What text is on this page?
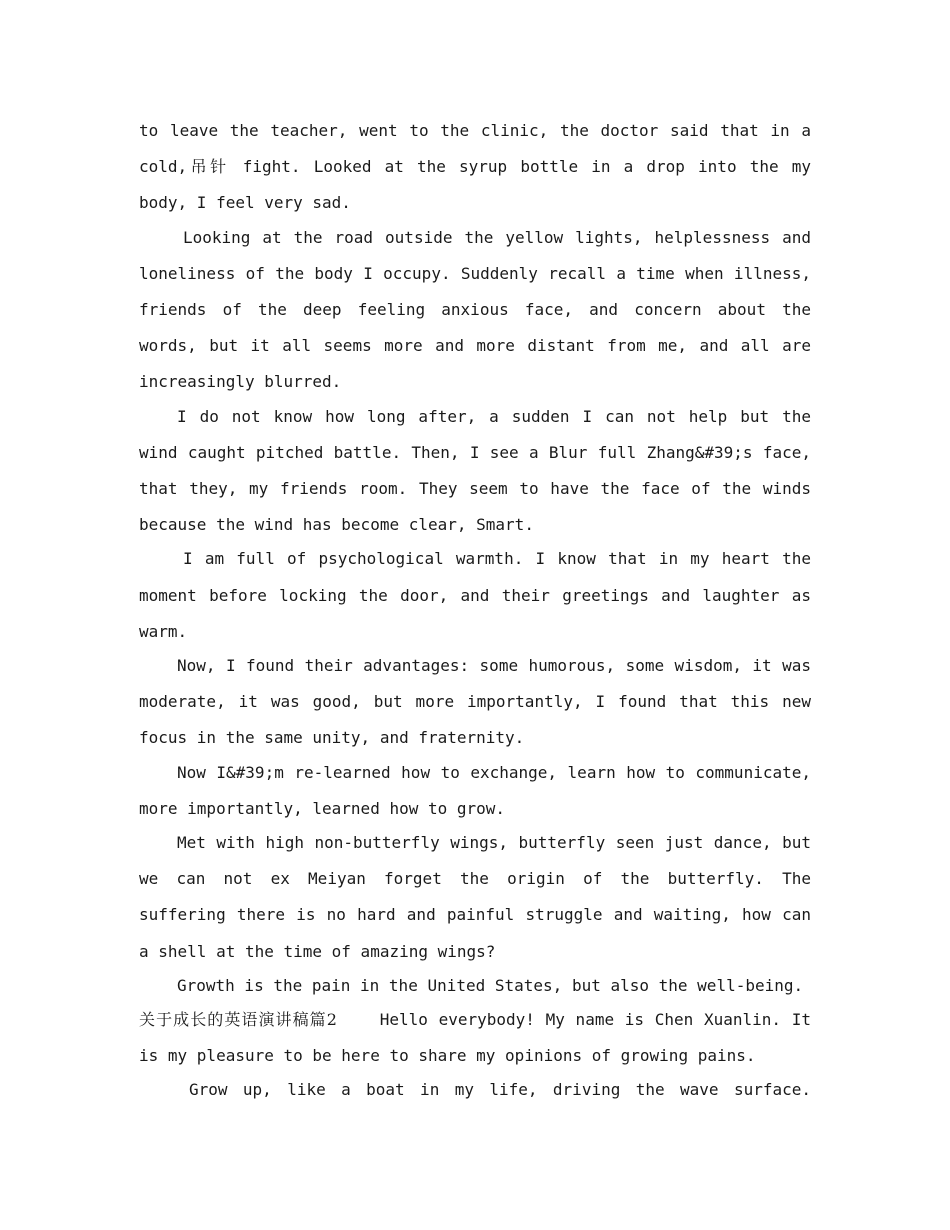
to leave the teacher, went to the clinic, the doctor said that in a cold,吊针 fight. Looked at the syrup bottle in a drop into the my body, I feel very sad.

Looking at the road outside the yellow lights, helplessness and loneliness of the body I occupy. Suddenly recall a time when illness, friends of the deep feeling anxious face, and concern about the words, but it all seems more and more distant from me, and all are increasingly blurred.

I do not know how long after, a sudden I can not help but the wind caught pitched battle. Then, I see a Blur full Zhang&#39;s face, that they, my friends room. They seem to have the face of the winds because the wind has become clear, Smart.

I am full of psychological warmth. I know that in my heart the moment before locking the door, and their greetings and laughter as warm.

Now, I found their advantages: some humorous, some wisdom, it was moderate, it was good, but more importantly, I found that this new focus in the same unity, and fraternity.

Now I&#39;m re-learned how to exchange, learn how to communicate, more importantly, learned how to grow.

Met with high non-butterfly wings, butterfly seen just dance, but we can not ex Meiyan forget the origin of the butterfly. The suffering there is no hard and painful struggle and waiting, how can a shell at the time of amazing wings?

Growth is the pain in the United States, but also the well-being.

关于成长的英语演讲稿篇2	Hello everybody! My name is Chen Xuanlin. It is my pleasure to be here to share my opinions of growing pains.

Grow up, like a boat in my life, driving the wave surface.
